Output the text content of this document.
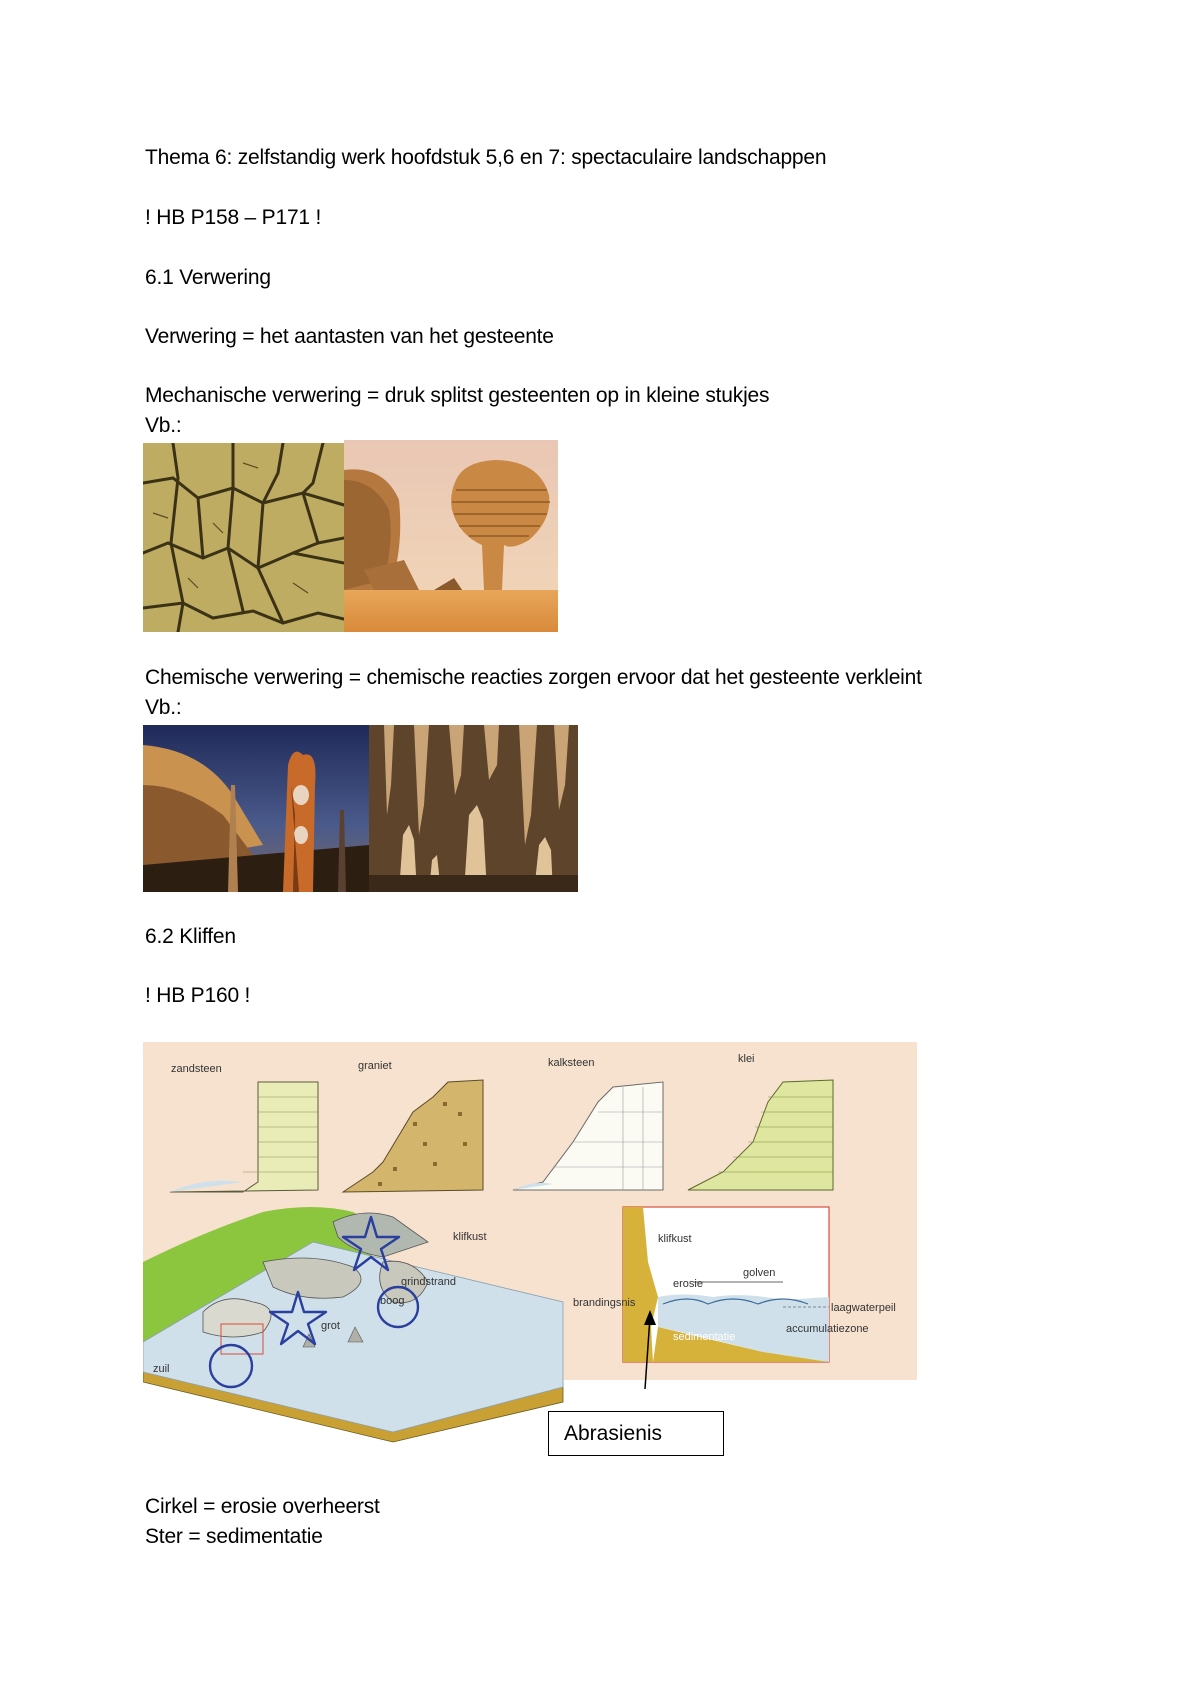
Thema 6: zelfstandig werk hoofdstuk 5,6 en 7: spectaculaire landschappen
! HB P158 – P171 !
6.1 Verwering
Verwering = het aantasten van het gesteente
Mechanische verwering = druk splitst gesteenten op in kleine stukjes
Vb.:
Chemische verwering = chemische reacties zorgen ervoor dat het gesteente verkleint
Vb.:
6.2 Kliffen
! HB P160 !
zandsteen	graniet	kalksteen	klei
klifkust
grindstrand
boog
grot
zuil
klifkust
erosie
golven
brandingsnis	laagwaterpeil
sedimentatie
accumulatiezone
Abrasienis
Cirkel = erosie overheerst
Ster = sedimentatie
